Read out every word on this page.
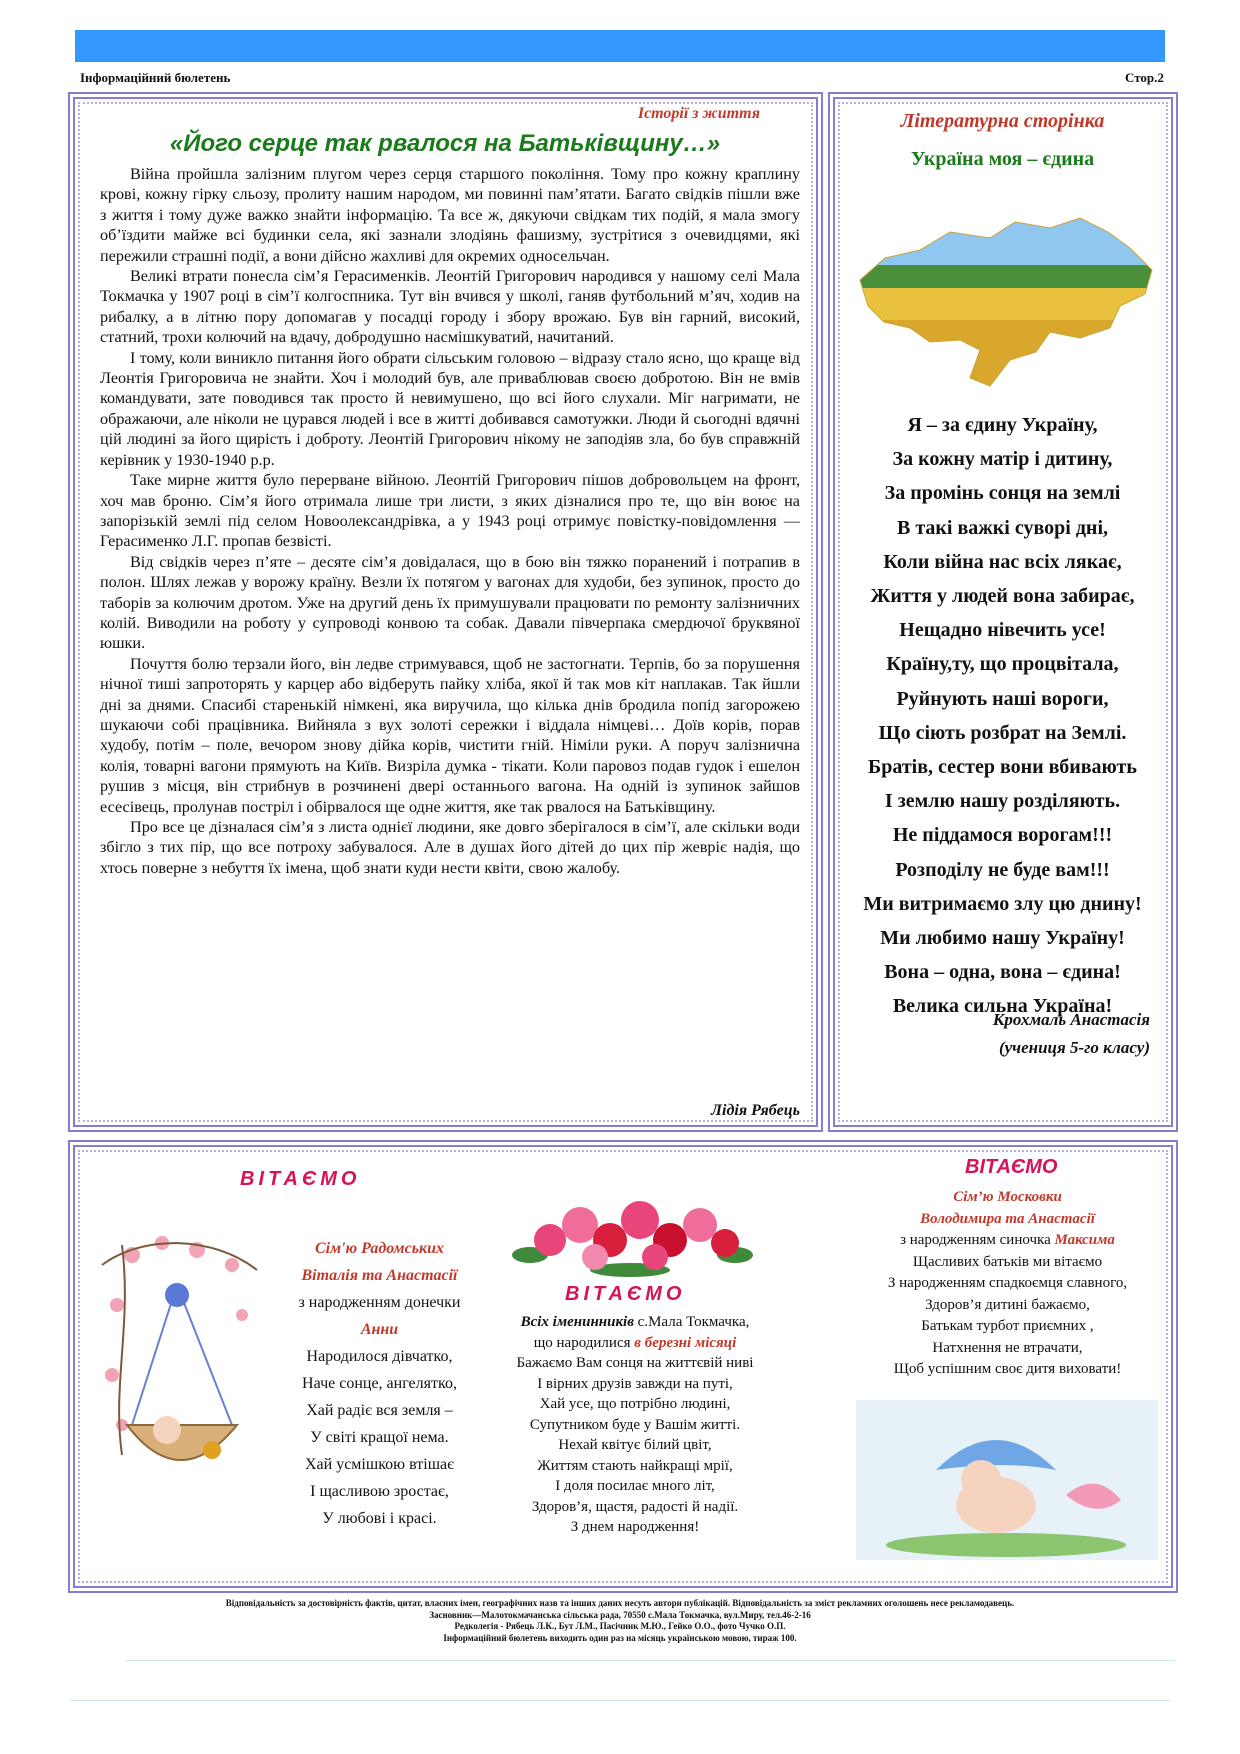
Інформаційний бюлетень	Стор.2
Історії з життя
«Його серце так рвалося на Батьківщину…»

Війна пройшла залізним плугом через серця старшого покоління. Тому про кожну краплину крові, кожну гірку сльозу, пролиту нашим народом, ми повинні пам’ятати. Багато свідків пішли вже з життя і тому дуже важко знайти інформацію. Та все ж, дякуючи свідкам тих подій, я мала змогу об’їздити майже всі будинки села, які зазнали злодіянь фашизму, зустрітися з очевидцями, які пережили страшні події, а вони дійсно жахливі для окремих односельчан.

Великі втрати понесла сім’я Герасименків. Леонтій Григорович народився у нашому селі Мала Токмачка у 1907 році в сім’ї колгоспника. Тут він вчився у школі, ганяв футбольний м’яч, ходив на рибалку, а в літню пору допомагав у посадці городу і збору врожаю. Був він гарний, високий, статний, трохи колючий на вдачу, добродушно насмішкуватий, начитаний.

І тому, коли виникло питання його обрати сільським головою – відразу стало ясно, що краще від Леонтія Григоровича не знайти. Хоч і молодий був, але приваблював своєю добротою. Він не вмів командувати, зате поводився так просто й невимушено, що всі його слухали. Міг нагримати, не ображаючи, але ніколи не цурався людей і все в житті добивався самотужки. Люди й сьогодні вдячні цій людині за його щирість і доброту. Леонтій Григорович нікому не заподіяв зла, бо був справжній керівник у 1930-1940 р.р.

Таке мирне життя було перерване війною. Леонтій Григорович пішов добровольцем на фронт, хоч мав броню. Сім’я його отримала лише три листи, з яких дізналися про те, що він воює на запорізькій землі під селом Новоолександрівка, а у 1943 році отримує повістку-повідомлення — Герасименко Л.Г. пропав безвісті.

Від свідків через п’яте – десяте сім’я довідалася, що в бою він тяжко поранений і потрапив в полон. Шлях лежав у ворожу країну. Везли їх потягом у вагонах для худоби, без зупинок, просто до таборів за колючим дротом. Уже на другий день їх примушували працювати по ремонту залізничних колій. Виводили на роботу у супроводі конвою та собак. Давали півчерпака смердючої бруквяної юшки.

Почуття болю терзали його, він ледве стримувався, щоб не застогнати. Терпів, бо за порушення нічної тиші запроторять у карцер або відберуть пайку хліба, якої й так мов кіт наплакав. Так йшли дні за днями. Спасибі старенькій німкені, яка виручила, що кілька днів бродила попід загорожею шукаючи собі працівника. Вийняла з вух золоті сережки і віддала німцеві… Доїв корів, порав худобу, потім – поле, вечором знову дійка корів, чистити гній. Німіли руки. А поруч залізнична колія, товарні вагони прямують на Київ. Визріла думка - тікати. Коли паровоз подав гудок і ешелон рушив з місця, він стрибнув в розчинені двері останнього вагона. На одній із зупинок зайшов есесівець, пролунав постріл і обірвалося ще одне життя, яке так рвалося на Батьківщину.

Про все це дізналася сім’я з листа однієї людини, яке довго зберігалося в сім’ї, але скільки води збігло з тих пір, що все потроху забувалося. Але в душах його дітей до цих пір жевріє надія, що хтось поверне з небуття їх імена, щоб знати куди нести квіти, свою жалобу.

Лідія Рябець
Літературна сторінка
Україна моя – єдина
Я – за єдину Україну,
За кожну матір і дитину,
За промінь сонця на землі
В такі важкі суворі дні,
Коли війна нас всіх лякає,
Життя у людей вона забирає,
Нещадно нівечить усе!
Країну,ту, що процвітала,
Руйнують наші вороги,
Що сіють розбрат на Землі.
Братів, сестер вони вбивають
І землю нашу розділяють.
Не піддамося ворогам!!!
Розподілу не буде вам!!!
Ми витримаємо злу цю днину!
Ми любимо нашу Україну!
Вона – одна, вона – єдина!
Велика сильна Україна!
Крохмаль Анастасія
(учениця 5-го класу)
ВІТАЄМО
Сім'ю Радомських
Віталія та Анастасії
з народженням донечки
Анни
Народилося дівчатко,
Наче сонце, ангелятко,
Хай радіє вся земля –
У світі кращої нема.
Хай усмішкою втішає
І щасливою зростає,
У любові і красі.
ВІТАЄМО
Всіх іменинників с.Мала Токмачка,
що народилися в березні місяці
Бажаємо Вам сонця на життєвій ниві
І вірних друзів завжди на путі,
Хай усе, що потрібно людині,
Супутником буде у Вашім житті.
Нехай квітує білий цвіт,
Життям стають найкращі мрії,
І доля посилає много літ,
Здоров’я, щастя, радості й надії.
З днем народження!
ВІТАЄМО
Сім’ю Московки
Володимира та Анастасії
з народженням синочка Максима
Щасливих батьків ми вітаємо
З народженням спадкоємця славного,
Здоров’я дитині бажаємо,
Батькам турбот приємних ,
Натхнення не втрачати,
Щоб успішним своє дитя виховати!
Відповідальність за достовірність фактів, цитат, власних імен, географічних назв та інших даних несуть автори публікацій. Відповідальність за зміст рекламних оголошень несе рекламодавець.
Засновник—Малотокмачанська сільська рада, 70550 с.Мала Токмачка, вул.Миру, тел.46-2-16
Редколегія - Рябець Л.К., Бут Л.М., Пасічник М.Ю., Гейко О.О., фото Чучко О.П.
Інформаційний бюлетень виходить один раз на місяць українською мовою, тираж 100.
